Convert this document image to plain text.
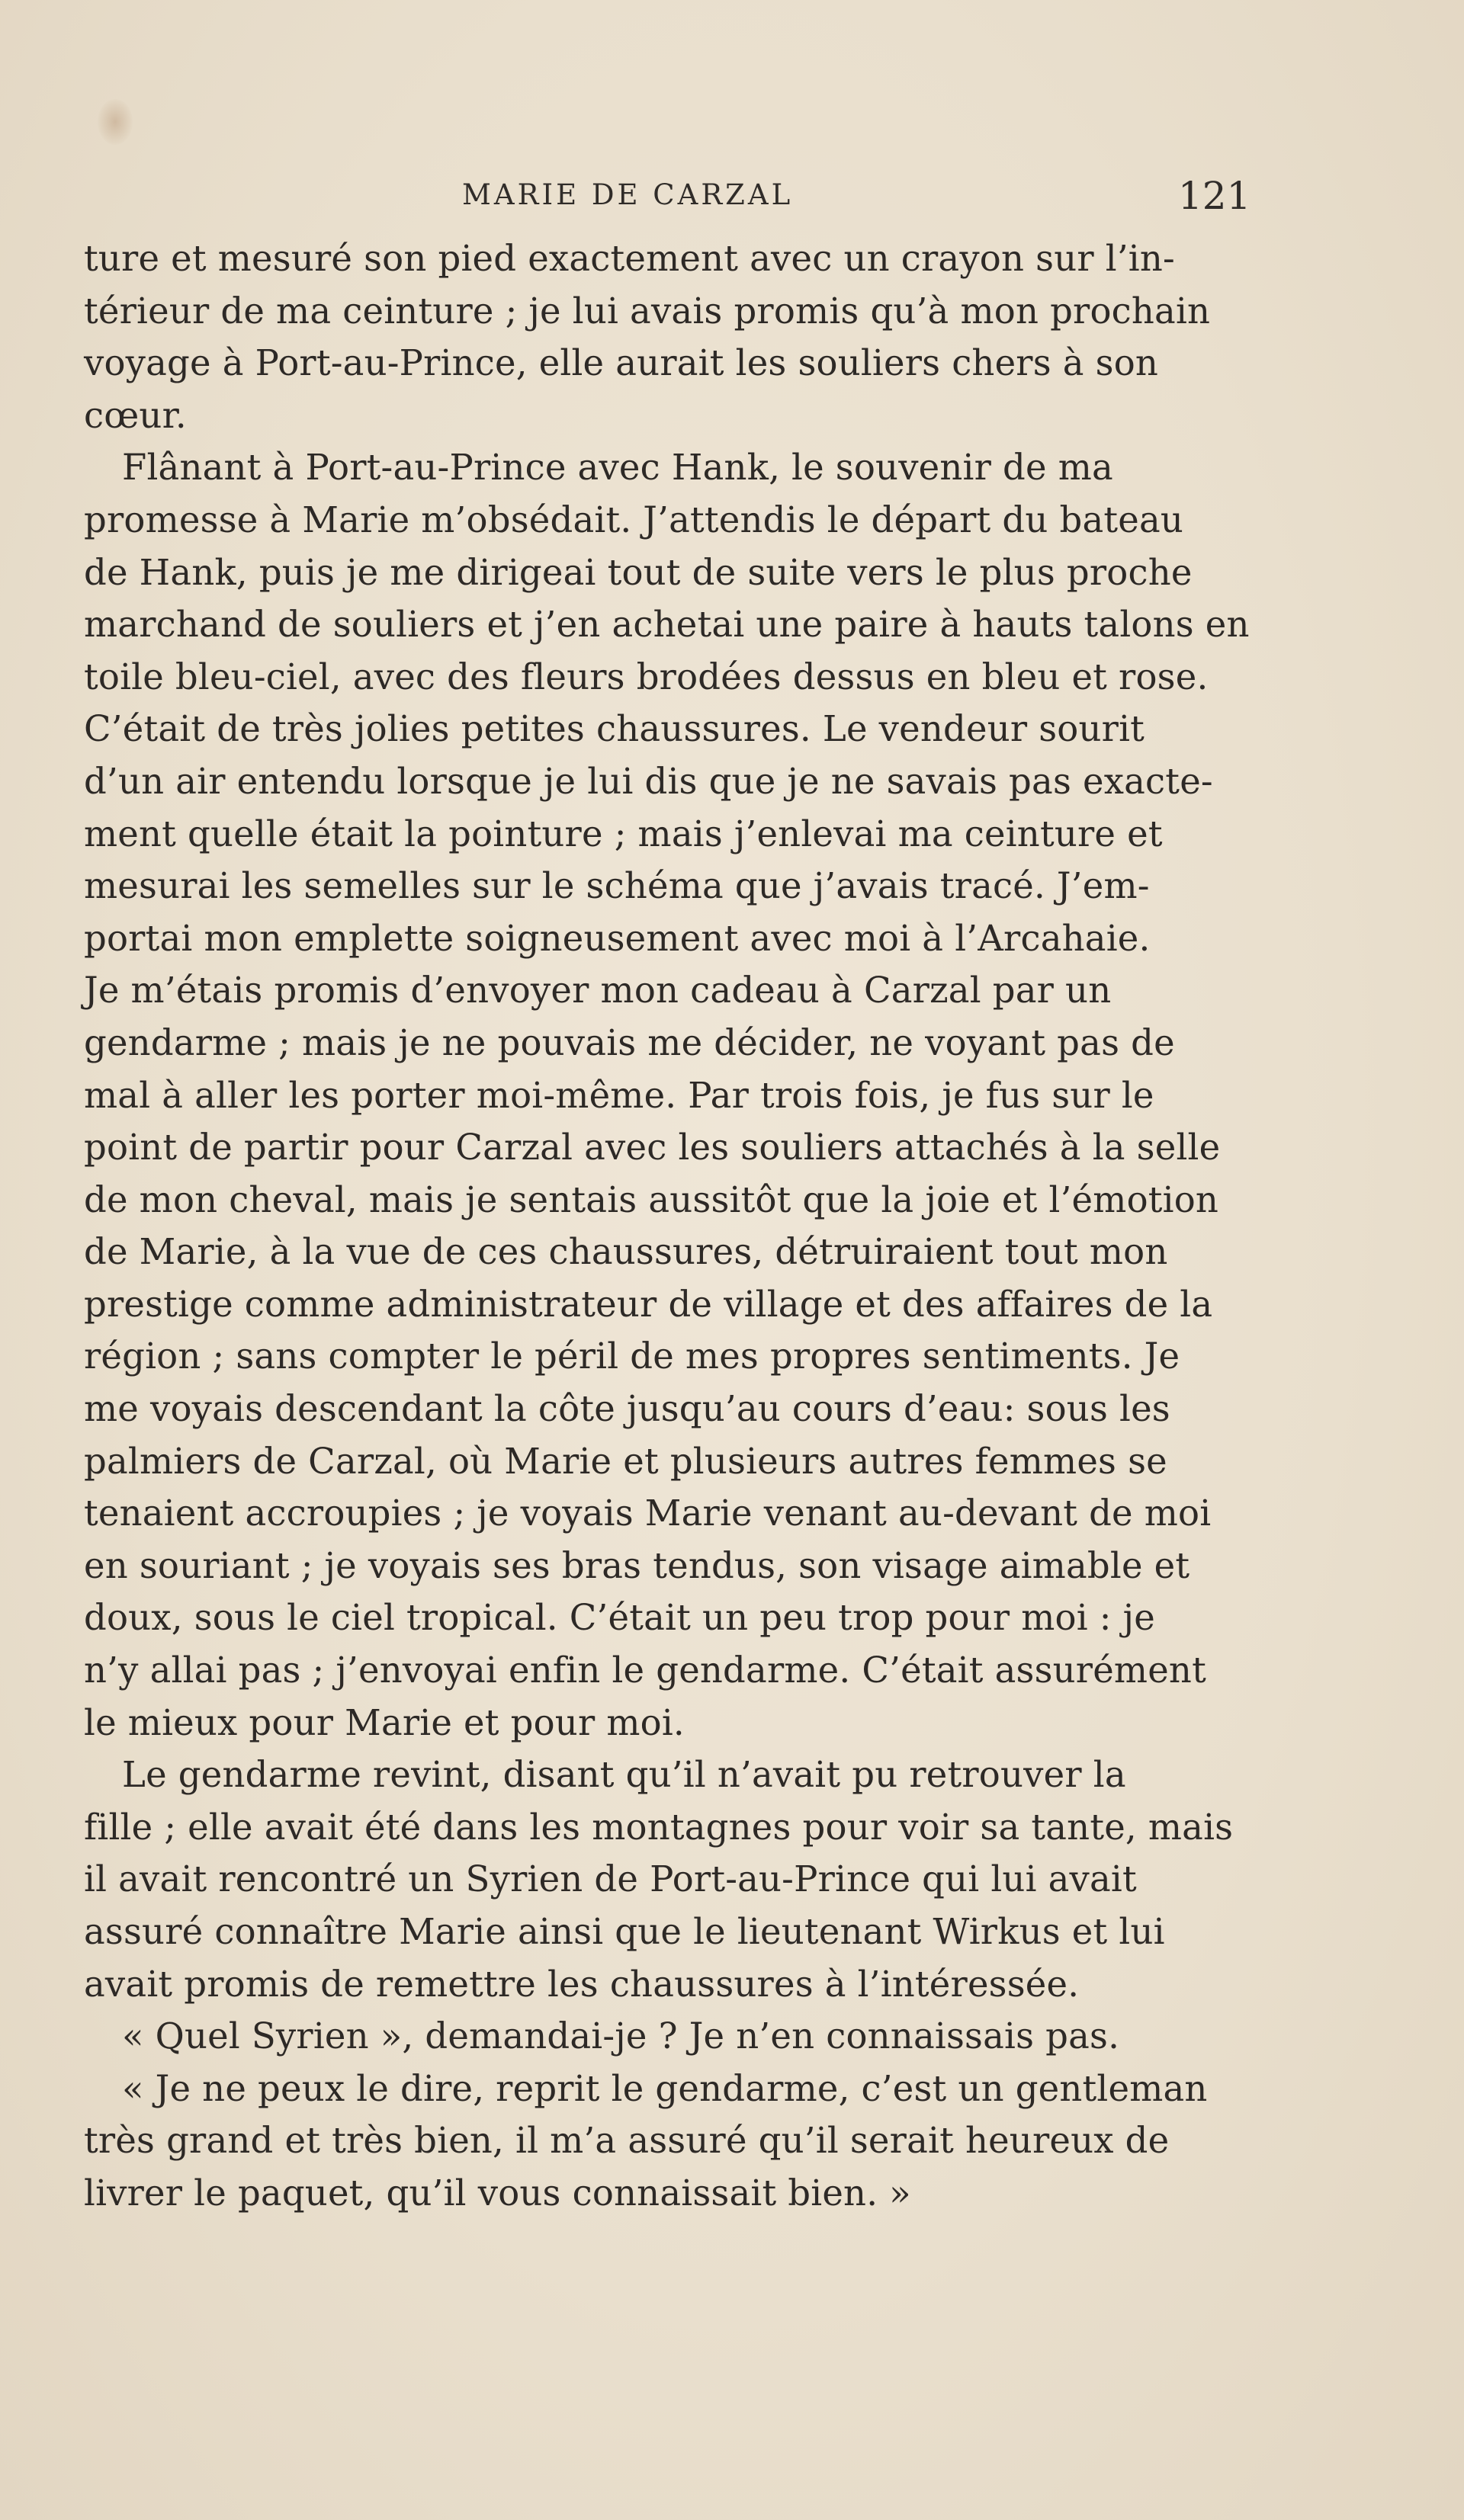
MARIE DE CARZAL	121
ture et mesuré son pied exactement avec un crayon sur l’in-
térieur de ma ceinture ; je lui avais promis qu’à mon prochain
voyage à Port-au-Prince, elle aurait les souliers chers à son
cœur.
Flânant à Port-au-Prince avec Hank, le souvenir de ma
promesse à Marie m’obsédait. J’attendis le départ du bateau
de Hank, puis je me dirigeai tout de suite vers le plus proche
marchand de souliers et j’en achetai une paire à hauts talons en
toile bleu-ciel, avec des fleurs brodées dessus en bleu et rose.
C’était de très jolies petites chaussures. Le vendeur sourit
d’un air entendu lorsque je lui dis que je ne savais pas exacte-
ment quelle était la pointure ; mais j’enlevai ma ceinture et
mesurai les semelles sur le schéma que j’avais tracé. J’em-
portai mon emplette soigneusement avec moi à l’Arcahaie.
Je m’étais promis d’envoyer mon cadeau à Carzal par un
gendarme ; mais je ne pouvais me décider, ne voyant pas de
mal à aller les porter moi-même. Par trois fois, je fus sur le
point de partir pour Carzal avec les souliers attachés à la selle
de mon cheval, mais je sentais aussitôt que la joie et l’émotion
de Marie, à la vue de ces chaussures, détruiraient tout mon
prestige comme administrateur de village et des affaires de la
région ; sans compter le péril de mes propres sentiments. Je
me voyais descendant la côte jusqu’au cours d’eau: sous les
palmiers de Carzal, où Marie et plusieurs autres femmes se
tenaient accroupies ; je voyais Marie venant au-devant de moi
en souriant ; je voyais ses bras tendus, son visage aimable et
doux, sous le ciel tropical. C’était un peu trop pour moi : je
n’y allai pas ; j’envoyai enfin le gendarme. C’était assurément
le mieux pour Marie et pour moi.
Le gendarme revint, disant qu’il n’avait pu retrouver la
fille ; elle avait été dans les montagnes pour voir sa tante, mais
il avait rencontré un Syrien de Port-au-Prince qui lui avait
assuré connaître Marie ainsi que le lieutenant Wirkus et lui
avait promis de remettre les chaussures à l’intéressée.
« Quel Syrien », demandai-je ? Je n’en connaissais pas.
« Je ne peux le dire, reprit le gendarme, c’est un gentleman
très grand et très bien, il m’a assuré qu’il serait heureux de
livrer le paquet, qu’il vous connaissait bien. »
